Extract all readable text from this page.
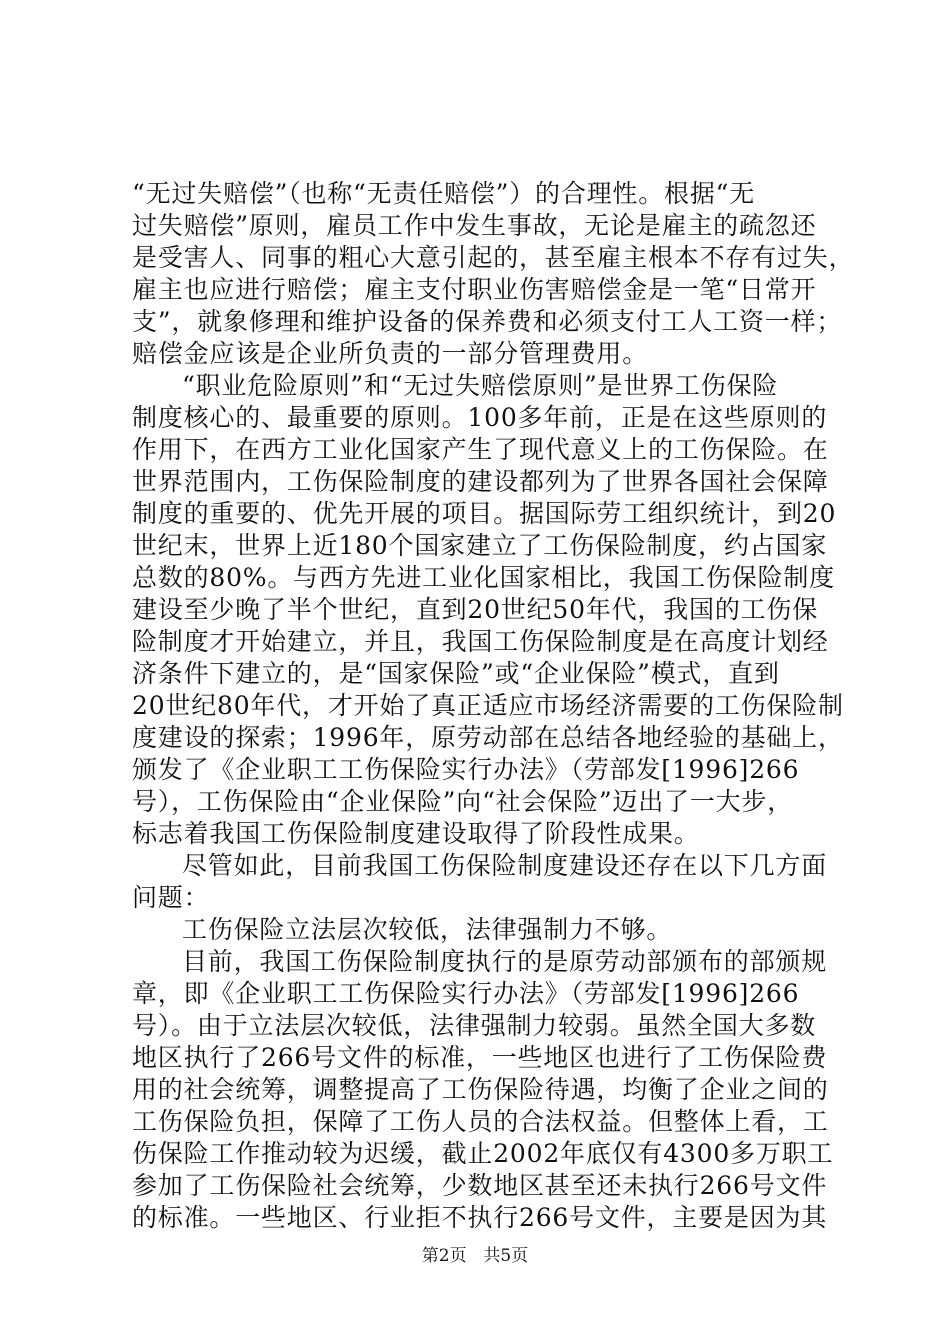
“无过失赔偿”（也称“无责任赔偿”）的合理性。根据“无
过失赔偿”原则，雇员工作中发生事故，无论是雇主的疏忽还
是受害人、同事的粗心大意引起的，甚至雇主根本不存有过失，
雇主也应进行赔偿；雇主支付职业伤害赔偿金是一笔“日常开
支”，就象修理和维护设备的保养费和必须支付工人工资一样；
赔偿金应该是企业所负责的一部分管理费用。
“职业危险原则”和“无过失赔偿原则”是世界工伤保险
制度核心的、最重要的原则。100多年前，正是在这些原则的
作用下，在西方工业化国家产生了现代意义上的工伤保险。在
世界范围内，工伤保险制度的建设都列为了世界各国社会保障
制度的重要的、优先开展的项目。据国际劳工组织统计，到20
世纪末，世界上近180个国家建立了工伤保险制度，约占国家
总数的80%。与西方先进工业化国家相比，我国工伤保险制度
建设至少晚了半个世纪，直到20世纪50年代，我国的工伤保
险制度才开始建立，并且，我国工伤保险制度是在高度计划经
济条件下建立的，是“国家保险”或“企业保险”模式，直到
20世纪80年代，才开始了真正适应市场经济需要的工伤保险制
度建设的探索；1996年，原劳动部在总结各地经验的基础上，
颁发了《企业职工工伤保险实行办法》（劳部发[1996]266
号），工伤保险由“企业保险”向“社会保险”迈出了一大步，
标志着我国工伤保险制度建设取得了阶段性成果。
尽管如此，目前我国工伤保险制度建设还存在以下几方面
问题：
工伤保险立法层次较低，法律强制力不够。
目前，我国工伤保险制度执行的是原劳动部颁布的部颁规
章，即《企业职工工伤保险实行办法》（劳部发[1996]266
号）。由于立法层次较低，法律强制力较弱。虽然全国大多数
地区执行了266号文件的标准，一些地区也进行了工伤保险费
用的社会统筹，调整提高了工伤保险待遇，均衡了企业之间的
工伤保险负担，保障了工伤人员的合法权益。但整体上看，工
伤保险工作推动较为迟缓，截止2002年底仅有4300多万职工
参加了工伤保险社会统筹，少数地区甚至还未执行266号文件
的标准。一些地区、行业拒不执行266号文件，主要是因为其
第2页 共5页
